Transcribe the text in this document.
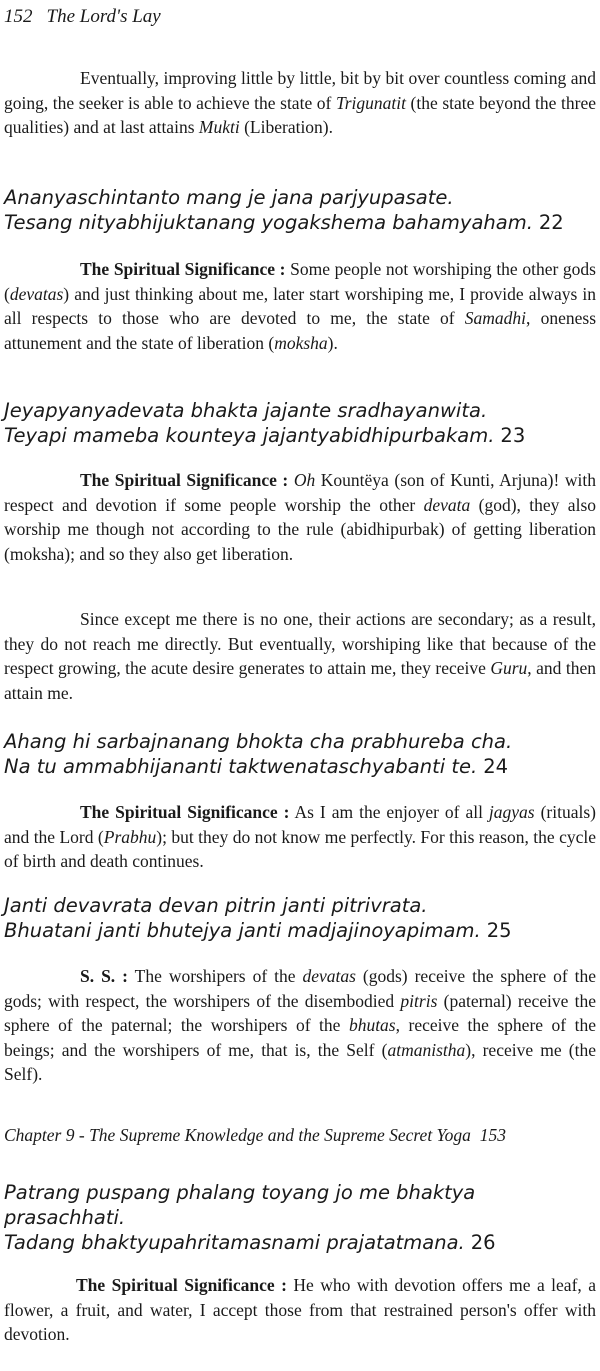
152 The Lord's Lay

Eventually, improving little by little, bit by bit over countless coming and going, the seeker is able to achieve the state of Trigunatit (the state beyond the three qualities) and at last attains Mukti (Liberation).

Ananyaschintanto mang je jana parjyupasate.
Tesang nityabhijuktanang yogakshema bahamyaham. 22

The Spiritual Significance : Some people not worshiping the other gods (devatas) and just thinking about me, later start worshiping me, I provide always in all respects to those who are devoted to me, the state of Samadhi, oneness attunement and the state of liberation (moksha).

Jeyapyanyadevata bhakta jajante sradhayanwita.
Teyapi mameba kounteya jajantyabidhipurbakam. 23

The Spiritual Significance : Oh Kountëya (son of Kunti, Arjuna)! with respect and devotion if some people worship the other devata (god), they also worship me though not according to the rule (abidhipurbak) of getting liberation (moksha); and so they also get liberation.

Since except me there is no one, their actions are secondary; as a result, they do not reach me directly. But eventually, worshiping like that because of the respect growing, the acute desire generates to attain me, they receive Guru, and then attain me.

Ahang hi sarbajnanang bhokta cha prabhureba cha.
Na tu ammabhijananti taktwenataschyabanti te. 24

The Spiritual Significance : As I am the enjoyer of all jagyas (rituals) and the Lord (Prabhu); but they do not know me perfectly. For this reason, the cycle of birth and death continues.

Janti devavrata devan pitrin janti pitrivrata.
Bhuatani janti bhutejya janti madjajinoyapimam. 25

S. S. : The worshipers of the devatas (gods) receive the sphere of the gods; with respect, the worshipers of the disembodied pitris (paternal) receive the sphere of the paternal; the worshipers of the bhutas, receive the sphere of the beings; and the worshipers of me, that is, the Self (atmanistha), receive me (the Self).

Chapter 9 - The Supreme Knowledge and the Supreme Secret Yoga 153
Patrang puspang phalang toyang jo me bhaktya prasachhati.
Tadang bhaktyupahritamasnami prajatatmana. 26

The Spiritual Significance : He who with devotion offers me a leaf, a flower, a fruit, and water, I accept those from that restrained person's offer with devotion.
